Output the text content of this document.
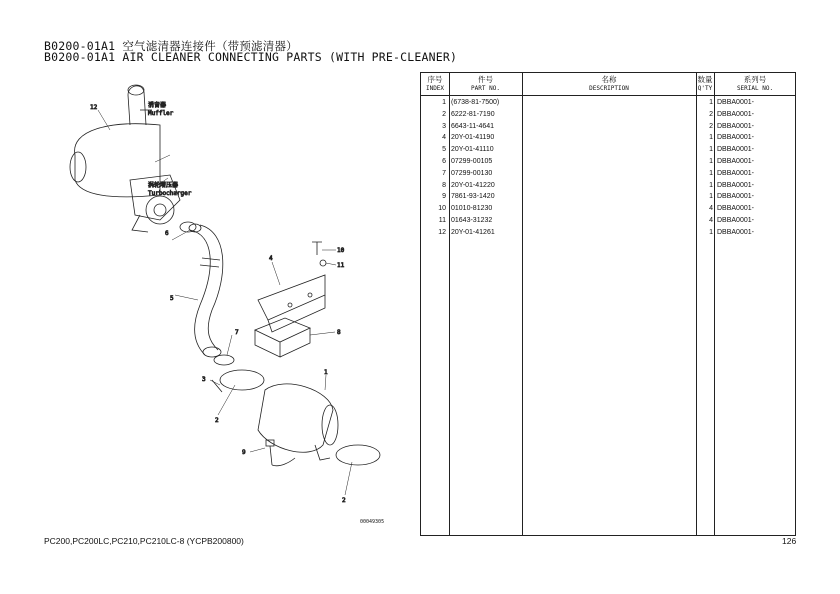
B0200-01A1 空气滤清器连接件（带预滤清器）
B0200-01A1 AIR CLEANER CONNECTING PARTS (WITH PRE-CLEANER)
12
6
5
7
3
2
1
4
8
10
11
9
2
消音器
Muffler
涡轮增压器
Turbocharger
00049305
序号
INDEX
件号
PART NO.
名称
DESCRIPTION
数量
Q'TY
系列号
SERIAL NO.
1 (6738-81-7500)	1 DBBA0001-
2 6222-81-7190	2 DBBA0001-
3 6643-11-4641	2 DBBA0001-
4 20Y-01-41190	1 DBBA0001-
5 20Y-01-41110	1 DBBA0001-
6 07299-00105	1 DBBA0001-
7 07299-00130	1 DBBA0001-
8 20Y-01-41220	1 DBBA0001-
9 7861-93-1420	1 DBBA0001-
10 01010-81230	4 DBBA0001-
11 01643-31232	4 DBBA0001-
12 20Y-01-41261	1 DBBA0001-
PC200,PC200LC,PC210,PC210LC-8 (YCPB200800)	126
